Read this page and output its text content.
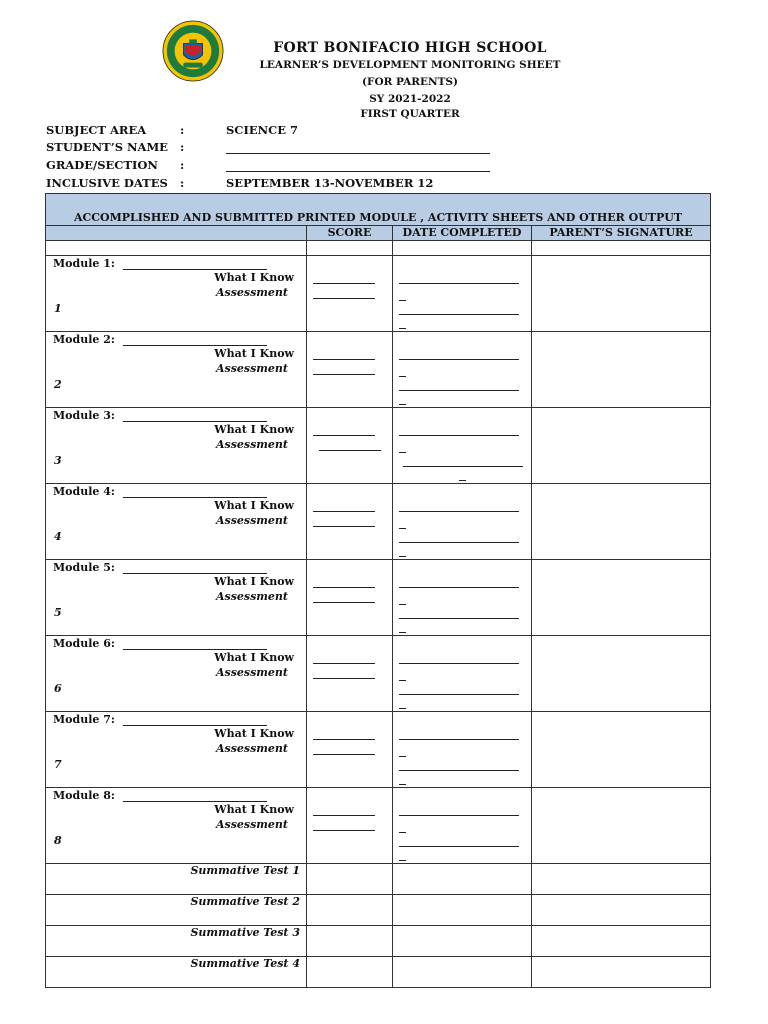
FORT BONIFACIO HIGH SCHOOL
LEARNER’S DEVELOPMENT MONITORING SHEET
(FOR PARENTS)
SY 2021-2022
FIRST QUARTER
SUBJECT AREA	:	SCIENCE 7
STUDENT’S NAME :
GRADE/SECTION :
INCLUSIVE DATES :	SEPTEMBER 13-NOVEMBER 12
ACCOMPLISHED AND SUBMITTED PRINTED MODULE , ACTIVITY SHEETS AND OTHER OUTPUT			
	SCORE	DATE COMPLETED	PARENT’S SIGNATURE

Module 1:
What I Know
Assessment
1			

Module 2:
What I Know
Assessment
2			

Module 3:
What I Know
Assessment
3			

Module 4:
What I Know
Assessment
4			

Module 5:
What I Know
Assessment
5			

Module 6:
What I Know
Assessment
6			

Module 7:
What I Know
Assessment
7			

Module 8:
What I Know
Assessment
8			

Summative Test 1			
Summative Test 2			
Summative Test 3			
Summative Test 4			
